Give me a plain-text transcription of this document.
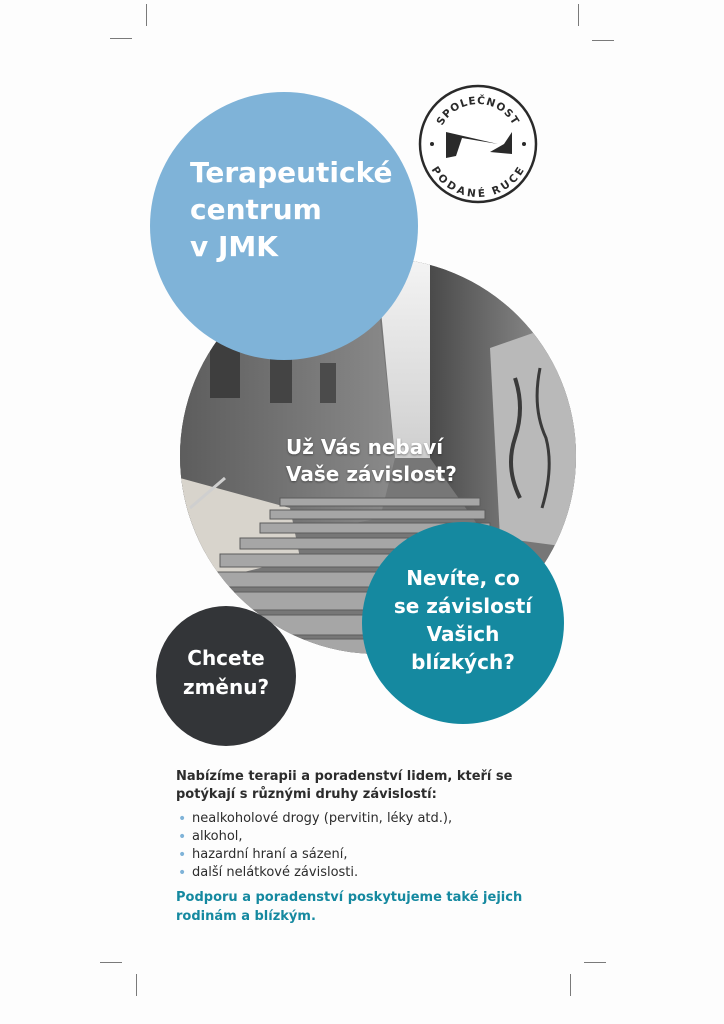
Už Vás nebaví
Vaše závislost?
Terapeutické
centrum
v JMK
SPOLEČNOST
PODANÉ RUCE
Nevíte, co
se závislostí
Vašich
blízkých?
Chcete
změnu?

Nabízíme terapii a poradenství lidem, kteří se
potýkají s různými druhy závislostí:

• nealkoholové drogy (pervitin, léky atd.),
• alkohol,
• hazardní hraní a sázení,
• další nelátkové závislosti.

Podporu a poradenství poskytujeme také jejich
rodinám a blízkým.
